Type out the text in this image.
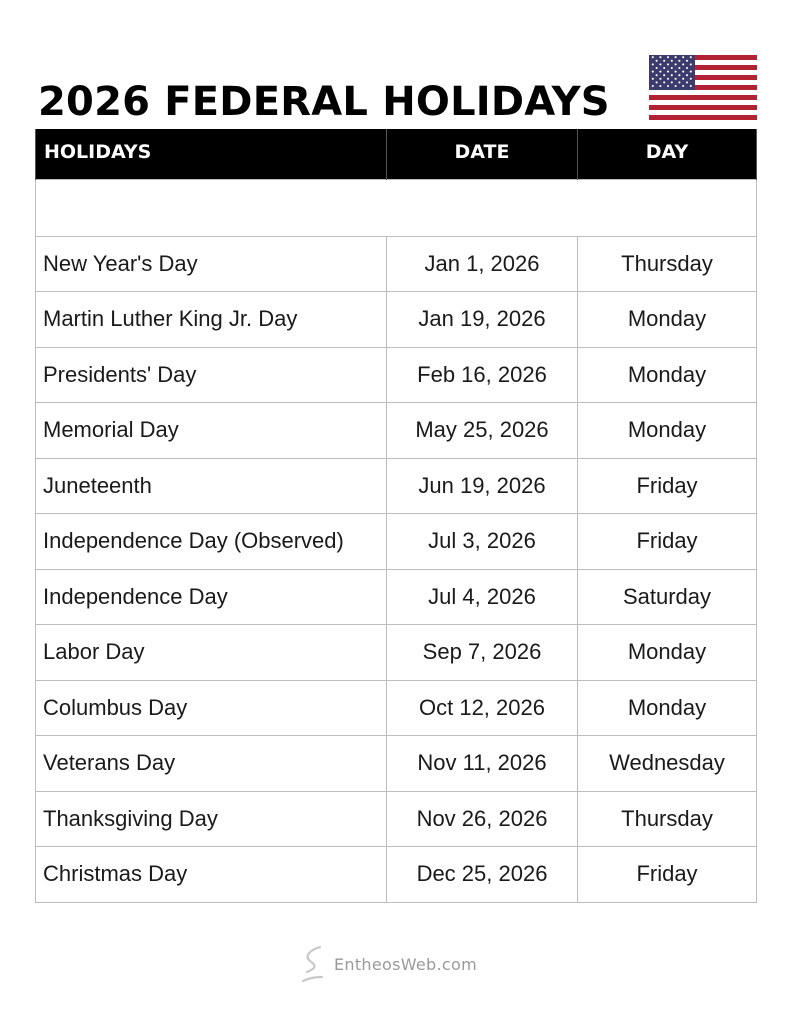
2026 FEDERAL HOLIDAYS
HOLIDAYS	DATE	DAY

New Year's Day	Jan 1, 2026	Thursday
Martin Luther King Jr. Day	Jan 19, 2026	Monday
Presidents' Day	Feb 16, 2026	Monday
Memorial Day	May 25, 2026	Monday
Juneteenth	Jun 19, 2026	Friday
Independence Day (Observed)	Jul 3, 2026	Friday
Independence Day	Jul 4, 2026	Saturday
Labor Day	Sep 7, 2026	Monday
Columbus Day	Oct 12, 2026	Monday
Veterans Day	Nov 11, 2026	Wednesday
Thanksgiving Day	Nov 26, 2026	Thursday
Christmas Day	Dec 25, 2026	Friday
EntheosWeb.com
